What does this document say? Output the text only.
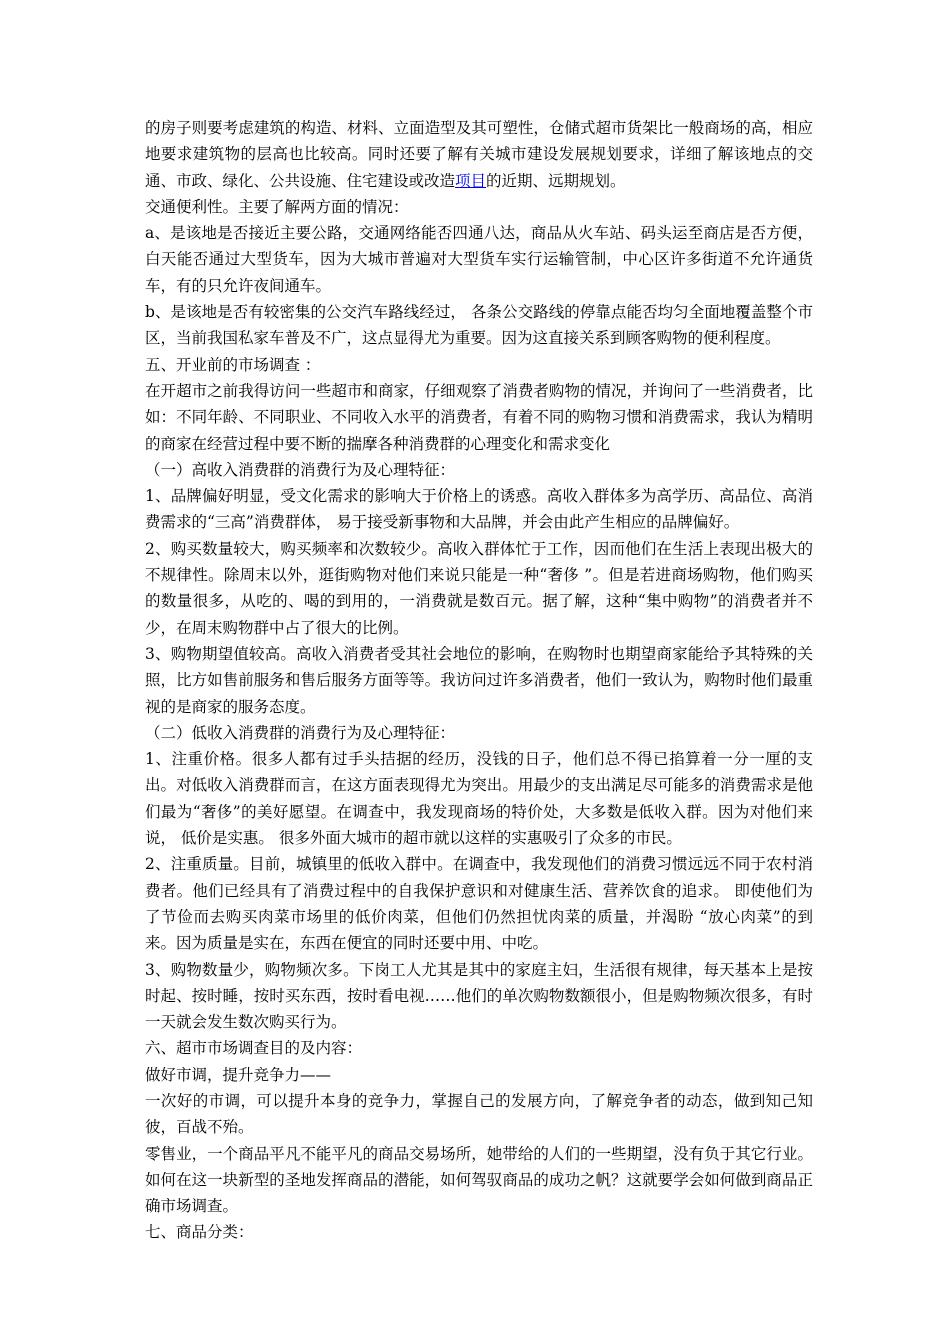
的房子则要考虑建筑的构造、材料、立面造型及其可塑性，仓储式超市货架比一般商场的高，相应地要求建筑物的层高也比较高。同时还要了解有关城市建设发展规划要求，详细了解该地点的交通、市政、绿化、公共设施、住宅建设或改造项目的近期、远期规划。

交通便利性。主要了解两方面的情况：

a、是该地是否接近主要公路，交通网络能否四通八达，商品从火车站、码头运至商店是否方便，白天能否通过大型货车，因为大城市普遍对大型货车实行运输管制，中心区许多街道不允许通货车，有的只允许夜间通车。

b、是该地是否有较密集的公交汽车路线经过， 各条公交路线的停靠点能否均匀全面地覆盖整个市区，当前我国私家车普及不广，这点显得尤为重要。因为这直接关系到顾客购物的便利程度。

五、开业前的市场调查 ：

在开超市之前我得访问一些超市和商家，仔细观察了消费者购物的情况，并询问了一些消费者，比如：不同年龄、不同职业、不同收入水平的消费者，有着不同的购物习惯和消费需求，我认为精明的商家在经营过程中要不断的揣摩各种消费群的心理变化和需求变化

（一）高收入消费群的消费行为及心理特征：

1、品牌偏好明显，受文化需求的影响大于价格上的诱惑。高收入群体多为高学历、高品位、高消费需求的“三高”消费群体， 易于接受新事物和大品牌，并会由此产生相应的品牌偏好。

2、购买数量较大，购买频率和次数较少。高收入群体忙于工作，因而他们在生活上表现出极大的不规律性。除周末以外，逛街购物对他们来说只能是一种“奢侈 ”。但是若进商场购物，他们购买的数量很多，从吃的、喝的到用的，一消费就是数百元。据了解，这种“集中购物”的消费者并不少，在周末购物群中占了很大的比例。

3、购物期望值较高。高收入消费者受其社会地位的影响，在购物时也期望商家能给予其特殊的关照，比方如售前服务和售后服务方面等等。我访问过许多消费者，他们一致认为，购物时他们最重视的是商家的服务态度。

（二）低收入消费群的消费行为及心理特征：

1、注重价格。很多人都有过手头拮据的经历，没钱的日子，他们总不得已掐算着一分一厘的支出。对低收入消费群而言，在这方面表现得尤为突出。用最少的支出满足尽可能多的消费需求是他们最为“奢侈”的美好愿望。在调查中，我发现商场的特价处，大多数是低收入群。因为对他们来说， 低价是实惠。 很多外面大城市的超市就以这样的实惠吸引了众多的市民。

2、注重质量。目前，城镇里的低收入群中。在调查中，我发现他们的消费习惯远远不同于农村消费者。他们已经具有了消费过程中的自我保护意识和对健康生活、营养饮食的追求。 即使他们为了节俭而去购买肉菜市场里的低价肉菜，但他们仍然担忧肉菜的质量，并渴盼 “放心肉菜”的到来。因为质量是实在，东西在便宜的同时还要中用、中吃。

3、购物数量少，购物频次多。下岗工人尤其是其中的家庭主妇，生活很有规律，每天基本上是按时起、按时睡，按时买东西，按时看电视……他们的单次购物数额很小，但是购物频次很多，有时一天就会发生数次购买行为。

六、超市市场调查目的及内容：

做好市调，提升竞争力——

一次好的市调，可以提升本身的竞争力，掌握自己的发展方向，了解竞争者的动态，做到知己知彼，百战不殆。

零售业，一个商品平凡不能平凡的商品交易场所，她带给的人们的一些期望，没有负于其它行业。如何在这一块新型的圣地发挥商品的潜能，如何驾驭商品的成功之帆？这就要学会如何做到商品正确市场调查。

七、商品分类：
